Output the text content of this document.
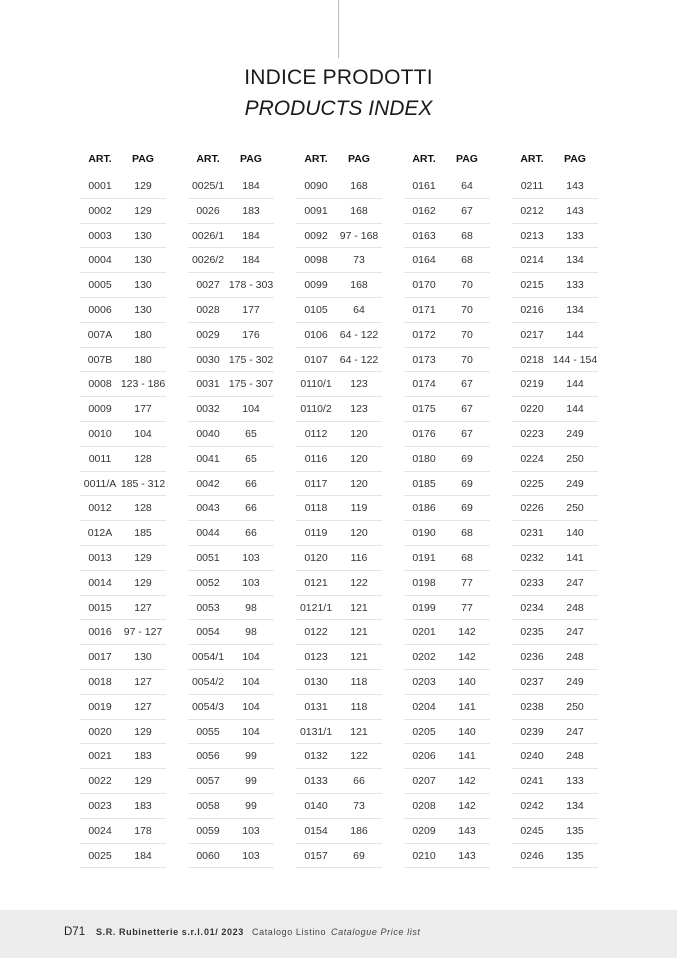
INDICE PRODOTTI
PRODUCTS INDEX
ART.	PAG
0001	129
0002	129
0003	130
0004	130
0005	130
0006	130
007A	180
007B	180
0008 123 - 186
0009	177
0010	104
0011	128
0011/A 185 - 312
0012	128
012A	185
0013	129
0014	129
0015	127
0016	97 - 127
0017	130
0018	127
0019	127
0020	129
0021	183
0022	129
0023	183
0024	178
0025	184
ART.	PAG
0025/1	184
0026	183
0026/1	184
0026/2	184
0027 178 - 303
0028	177
0029	176
0030 175 - 302
0031 175 - 307
0032	104
0040	65
0041	65
0042	66
0043	66
0044	66
0051	103
0052	103
0053	98
0054	98
0054/1	104
0054/2	104
0054/3	104
0055	104
0056	99
0057	99
0058	99
0059	103
0060	103
ART.	PAG
0090	168
0091	168
0092	97 - 168
0098	73
0099	168
0105	64
0106	64 - 122
0107	64 - 122
0110/1	123
0110/2	123
0112	120
0116	120
0117	120
0118	119
0119	120
0120	116
0121	122
0121/1	121
0122	121
0123	121
0130	118
0131	118
0131/1	121
0132	122
0133	66
0140	73
0154	186
0157	69
ART.	PAG
0161	64
0162	67
0163	68
0164	68
0170	70
0171	70
0172	70
0173	70
0174	67
0175	67
0176	67
0180	69
0185	69
0186	69
0190	68
0191	68
0198	77
0199	77
0201	142
0202	142
0203	140
0204	141
0205	140
0206	141
0207	142
0208	142
0209	143
0210	143
ART.	PAG
0211	143
0212	143
0213	133
0214	134
0215	133
0216	134
0217	144
0218 144 - 154
0219	144
0220	144
0223	249
0224	250
0225	249
0226	250
0231	140
0232	141
0233	247
0234	248
0235	247
0236	248
0237	249
0238	250
0239	247
0240	248
0241	133
0242	134
0245	135
0246	135
D71 S.R. Rubinetterie s.r.l. 01/ 2023 Catalogo Listino Catalogue Price list
